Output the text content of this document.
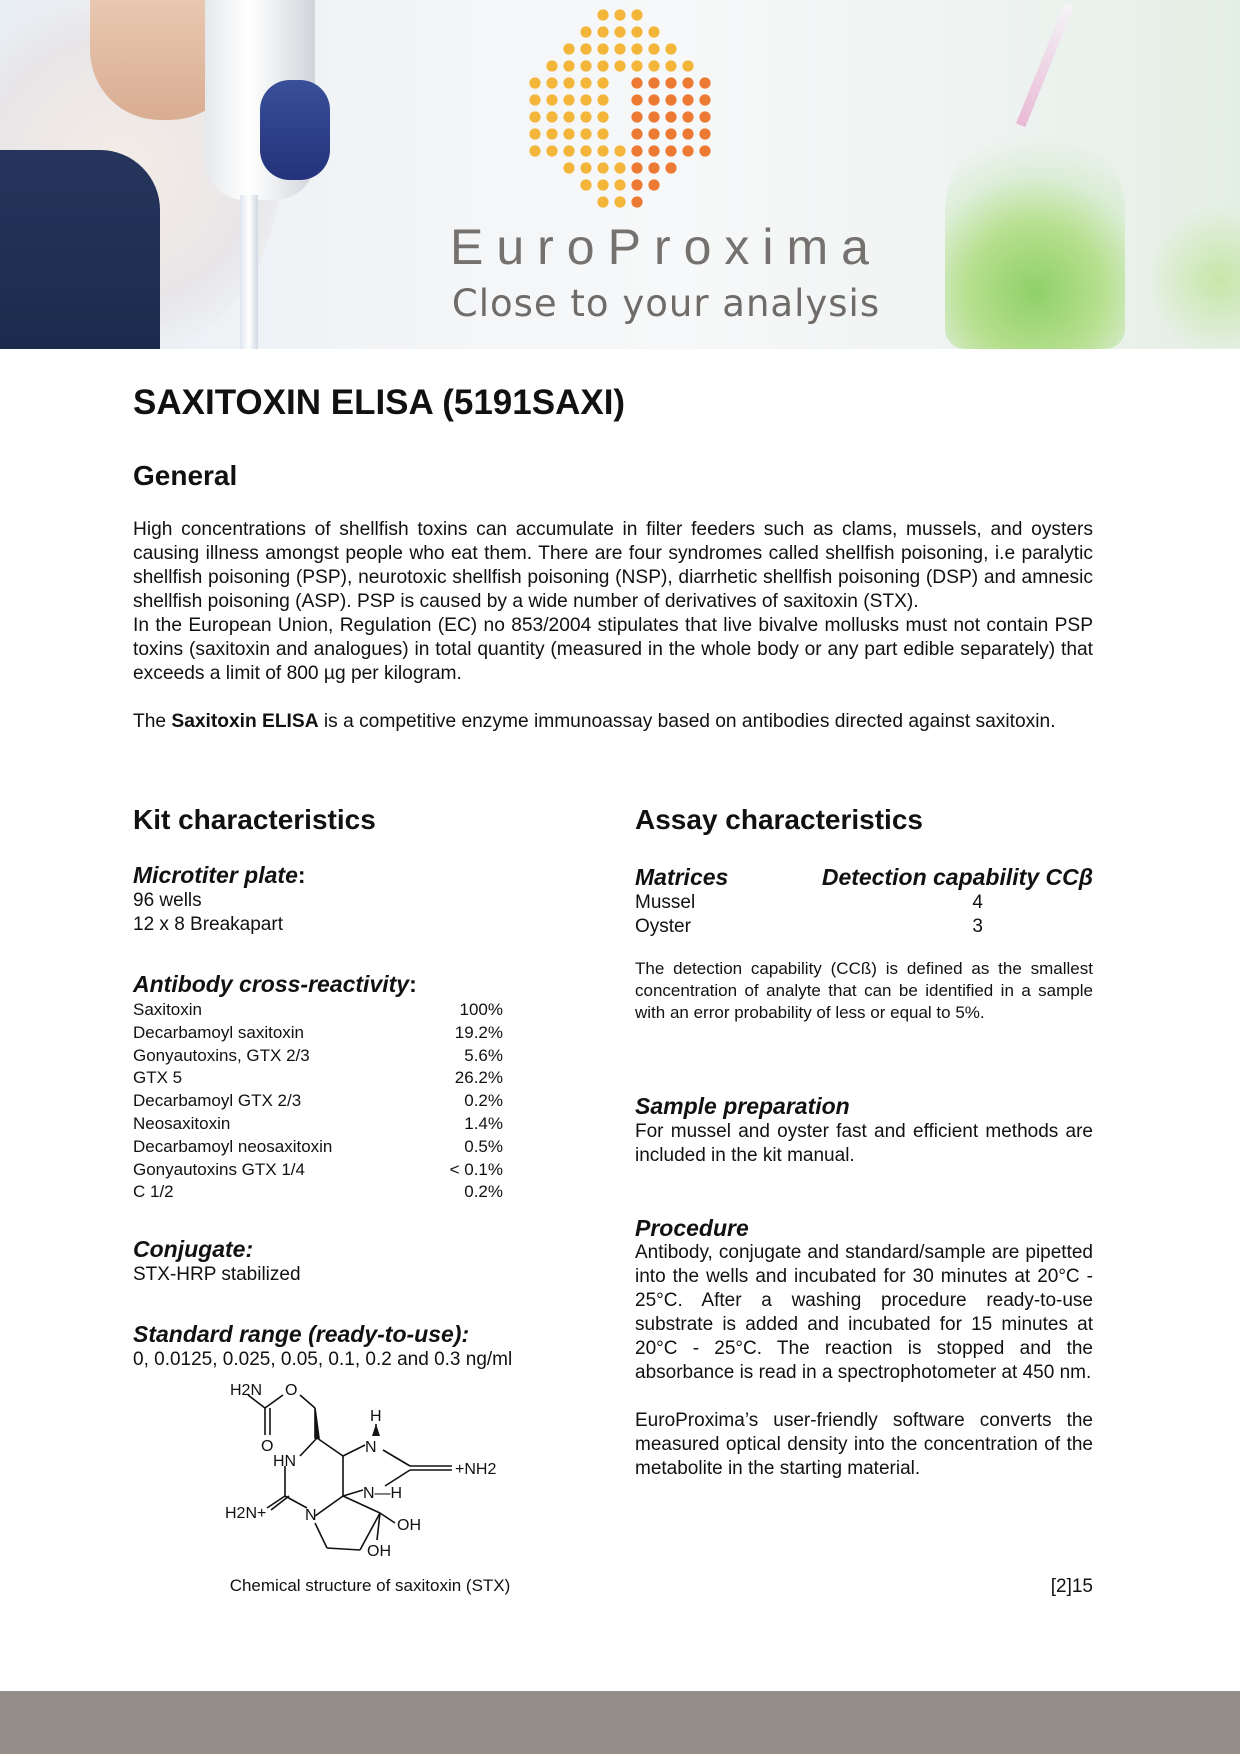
EuroProxima
Close to your analysis
SAXITOXIN ELISA (5191SAXI)
General

High concentrations of shellfish toxins can accumulate in filter feeders such as clams, mussels, and oysters causing illness amongst people who eat them. There are four syndromes called shellfish poisoning, i.e paralytic shellfish poisoning (PSP), neurotoxic shellfish poisoning (NSP), diarrhetic shellfish poisoning (DSP) and amnesic shellfish poisoning (ASP). PSP is caused by a wide number of derivatives of saxitoxin (STX).

In the European Union, Regulation (EC) no 853/2004 stipulates that live bivalve mollusks must not contain PSP toxins (saxitoxin and analogues) in total quantity (measured in the whole body or any part edible separately) that exceeds a limit of 800 µg per kilogram.

The Saxitoxin ELISA is a competitive enzyme immunoassay based on antibodies directed against saxitoxin.

Kit characteristics

Microtiter plate:

96 wells

12 x 8 Breakapart

Antibody cross-reactivity:

Saxitoxin	100%
Decarbamoyl saxitoxin	19.2%
Gonyautoxins, GTX 2/3	5.6%
GTX 5	26.2%
Decarbamoyl GTX 2/3	0.2%
Neosaxitoxin	1.4%
Decarbamoyl neosaxitoxin	0.5%
Gonyautoxins GTX 1/4	< 0.1%
C 1/2	0.2%

Conjugate:

STX-HRP stabilized

Standard range (ready-to-use):

0, 0.0125, 0.025, 0.05, 0.1, 0.2 and 0.3 ng/ml

H2N O
O
H
N
HN	+NH2
N—H
H2N+ N
OH
OH
Chemical structure of saxitoxin (STX)
Assay characteristics
Matrices	Detection capability CCβ
Mussel	4
Oyster	3

The detection capability (CCß) is defined as the smallest concentration of analyte that can be identified in a sample with an error probability of less or equal to 5%.

Sample preparation

For mussel and oyster fast and efficient methods are included in the kit manual.

Procedure

Antibody, conjugate and standard/sample are pipetted into the wells and incubated for 30 minutes at 20°C - 25°C. After a washing procedure ready-to-use substrate is added and incubated for 15 minutes at 20°C - 25°C. The reaction is stopped and the absorbance is read in a spectrophotometer at 450 nm.

EuroProxima’s user-friendly software converts the measured optical density into the concentration of the metabolite in the starting material.

[2]15
